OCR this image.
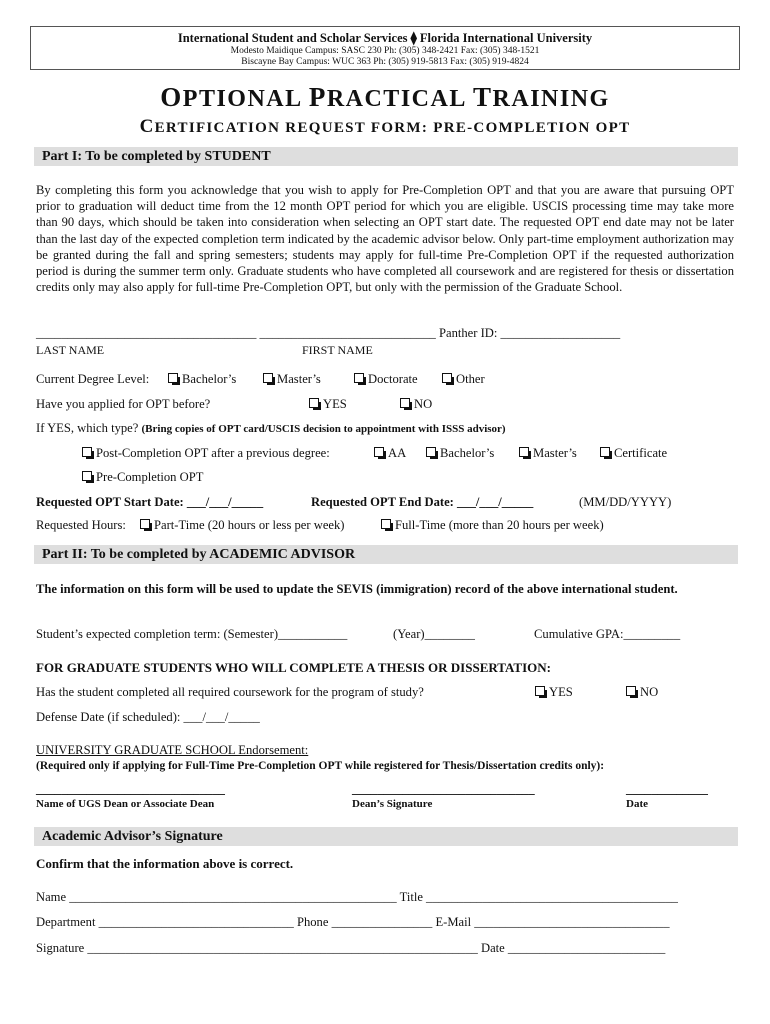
International Student and Scholar Services ⧫ Florida International University
Modesto Maidique Campus: SASC 230 Ph: (305) 348-2421 Fax: (305) 348-1521
Biscayne Bay Campus: WUC 363 Ph: (305) 919-5813 Fax: (305) 919-4824
OPTIONAL PRACTICAL TRAINING
CERTIFICATION REQUEST FORM: PRE-COMPLETION OPT
Part I: To be completed by STUDENT
By completing this form you acknowledge that you wish to apply for Pre-Completion OPT and that you are aware that pursuing OPT prior to graduation will deduct time from the 12 month OPT period for which you are eligible. USCIS processing time may take more than 90 days, which should be taken into consideration when selecting an OPT start date. The requested OPT end date may not be later than the last day of the expected completion term indicated by the academic advisor below. Only part-time employment authorization may be granted during the fall and spring semesters; students may apply for full-time Pre-Completion OPT if the requested authorization period is during the summer term only. Graduate students who have completed all coursework and are registered for thesis or dissertation credits only may also apply for full-time Pre-Completion OPT, but only with the permission of the Graduate School.
___________________________________ ____________________________ Panther ID: ___________________
LAST NAME	FIRST NAME
Current Degree Level:	Bachelor’s	Master’s	Doctorate	Other
Have you applied for OPT before?	YES	NO
If YES, which type? (Bring copies of OPT card/USCIS decision to appointment with ISSS advisor)
Post-Completion OPT after a previous degree:	AA	Bachelor’s	Master’s	Certificate
Pre-Completion OPT
Requested OPT Start Date: ___/___/_____	Requested OPT End Date: ___/___/_____	(MM/DD/YYYY)
Requested Hours:	Part-Time (20 hours or less per week)	Full-Time (more than 20 hours per week)
Part II: To be completed by ACADEMIC ADVISOR
The information on this form will be used to update the SEVIS (immigration) record of the above international student.
Student’s expected completion term: (Semester)___________	(Year)________	Cumulative GPA:_________
FOR GRADUATE STUDENTS WHO WILL COMPLETE A THESIS OR DISSERTATION:
Has the student completed all required coursework for the program of study?	YES	NO
Defense Date (if scheduled): ___/___/_____
UNIVERSITY GRADUATE SCHOOL Endorsement:
(Required only if applying for Full-Time Pre-Completion OPT while registered for Thesis/Dissertation credits only):
______________________________	_____________________________	_____________
Name of UGS Dean or Associate Dean	Dean’s Signature	Date
Academic Advisor’s Signature
Confirm that the information above is correct.
Name ____________________________________________________ Title ________________________________________
Department _______________________________ Phone ________________ E-Mail _______________________________
Signature ______________________________________________________________ Date _________________________
